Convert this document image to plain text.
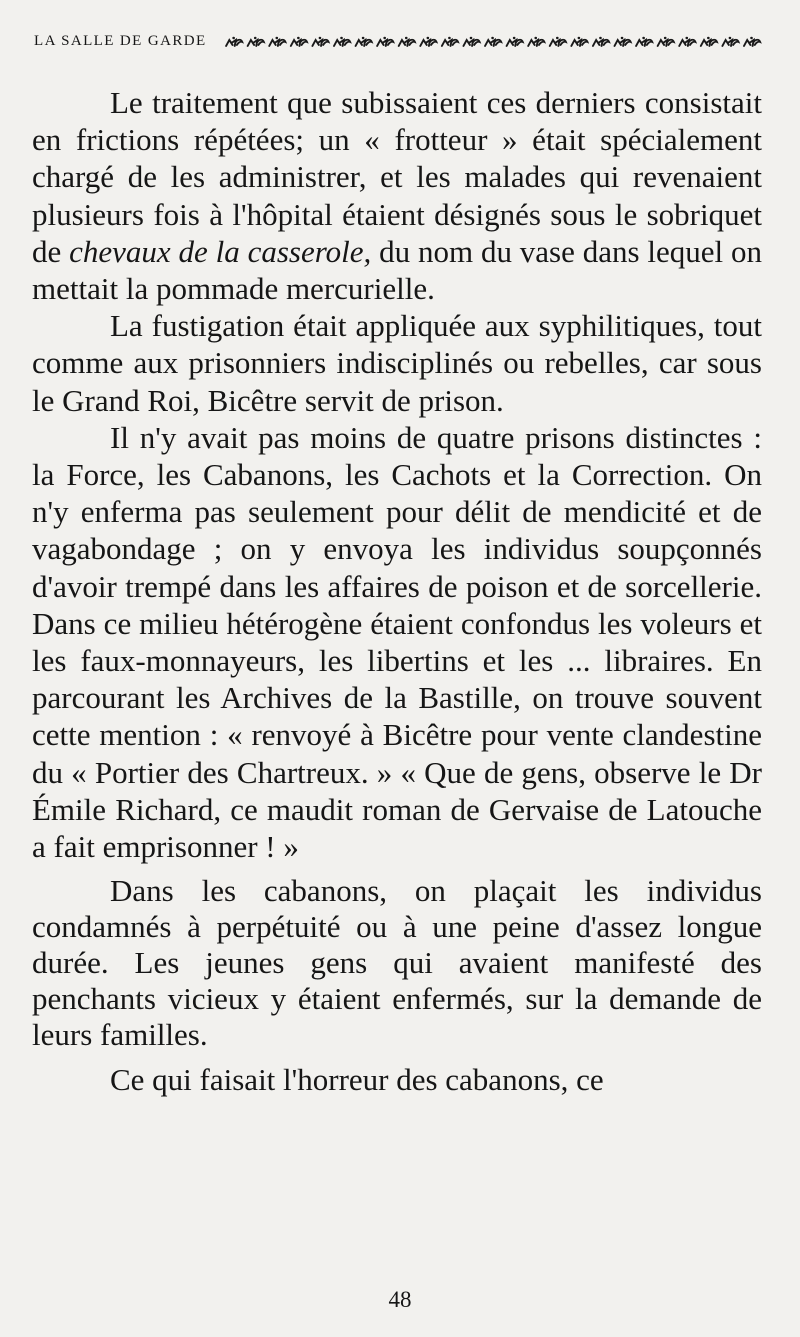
LA SALLE DE GARDE

Le traitement que subissaient ces derniers consistait en frictions répétées; un « frotteur » était spécialement chargé de les administrer, et les malades qui revenaient plusieurs fois à l'hôpital étaient désignés sous le sobriquet de chevaux de la casserole, du nom du vase dans lequel on mettait la pommade mercurielle.

La fustigation était appliquée aux syphilitiques, tout comme aux prisonniers indisciplinés ou rebelles, car sous le Grand Roi, Bicêtre servit de prison.

Il n'y avait pas moins de quatre prisons distinctes : la Force, les Cabanons, les Cachots et la Correction. On n'y enferma pas seulement pour délit de mendicité et de vagabondage ; on y envoya les individus soupçonnés d'avoir trempé dans les affaires de poison et de sorcellerie. Dans ce milieu hétérogène étaient confondus les voleurs et les faux-monnayeurs, les libertins et les ... libraires. En parcourant les Archives de la Bastille, on trouve souvent cette mention : « renvoyé à Bicêtre pour vente clandestine du « Portier des Chartreux. » « Que de gens, observe le Dr Émile Richard, ce maudit roman de Gervaise de Latouche a fait emprisonner ! »

Dans les cabanons, on plaçait les individus condamnés à perpétuité ou à une peine d'assez longue durée. Les jeunes gens qui avaient manifesté des penchants vicieux y étaient enfermés, sur la demande de leurs familles.

Ce qui faisait l'horreur des cabanons, ce

48
